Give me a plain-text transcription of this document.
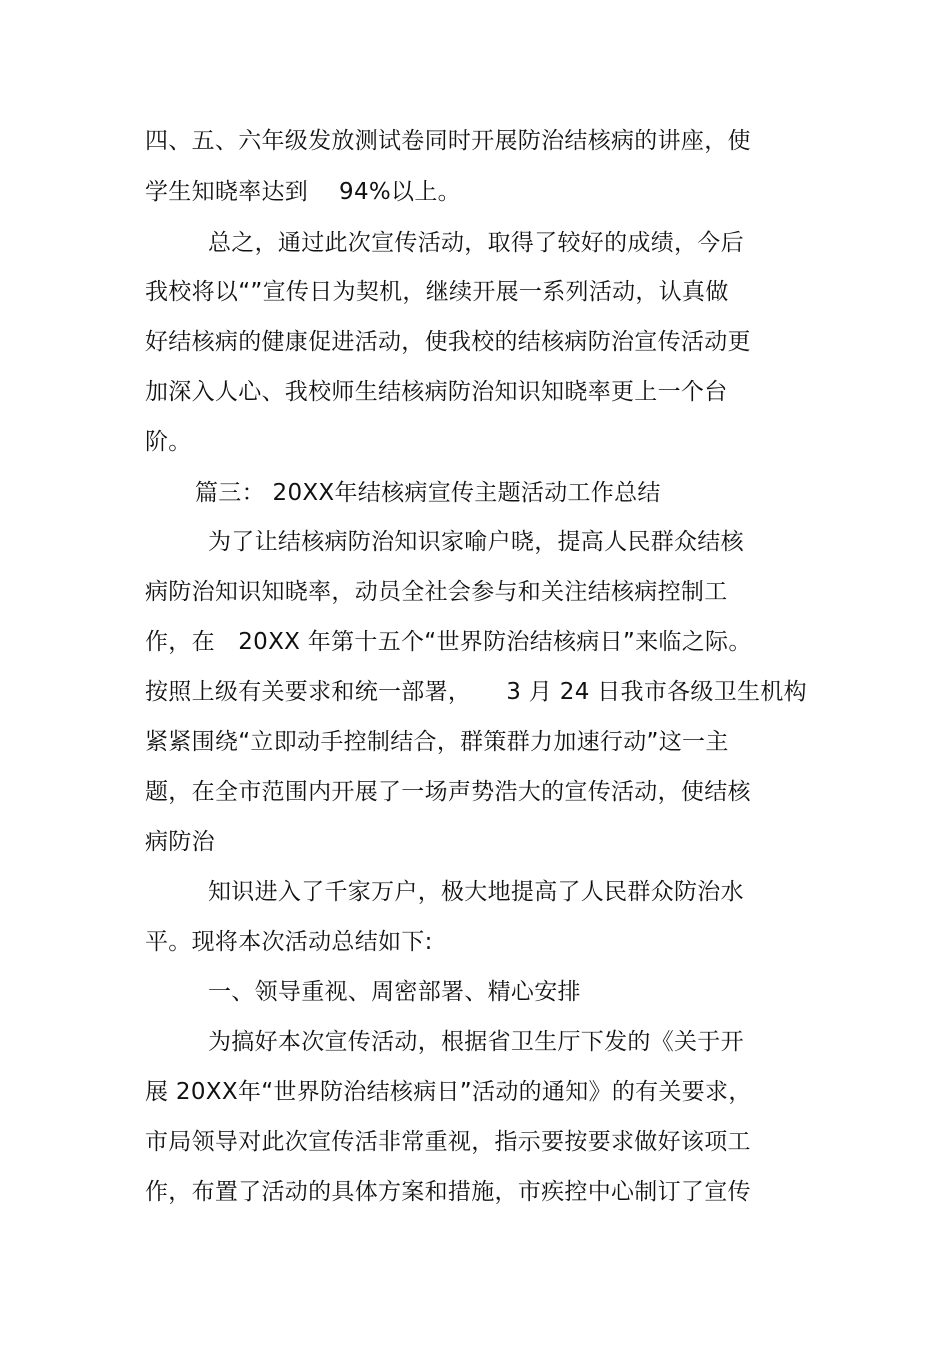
四、五、六年级发放测试卷同时开展防治结核病的讲座，使
学生知晓率达到　 94%以上。
总之，通过此次宣传活动，取得了较好的成绩，今后
我校将以“”宣传日为契机，继续开展一系列活动，认真做
好结核病的健康促进活动，使我校的结核病防治宣传活动更
加深入人心、我校师生结核病防治知识知晓率更上一个台
阶。
篇三： 20XX年结核病宣传主题活动工作总结
为了让结核病防治知识家喻户晓，提高人民群众结核
病防治知识知晓率，动员全社会参与和关注结核病控制工
作，在　20XX 年第十五个“世界防治结核病日”来临之际。
按照上级有关要求和统一部署，　　3 月 24 日我市各级卫生机构
紧紧围绕“立即动手控制结合，群策群力加速行动”这一主
题，在全市范围内开展了一场声势浩大的宣传活动，使结核
病防治
知识进入了千家万户，极大地提高了人民群众防治水
平。现将本次活动总结如下:
一、领导重视、周密部署、精心安排
为搞好本次宣传活动，根据省卫生厅下发的《关于开
展 20XX年“世界防治结核病日”活动的通知》的有关要求，
市局领导对此次宣传活非常重视，指示要按要求做好该项工
作，布置了活动的具体方案和措施，市疾控中心制订了宣传
